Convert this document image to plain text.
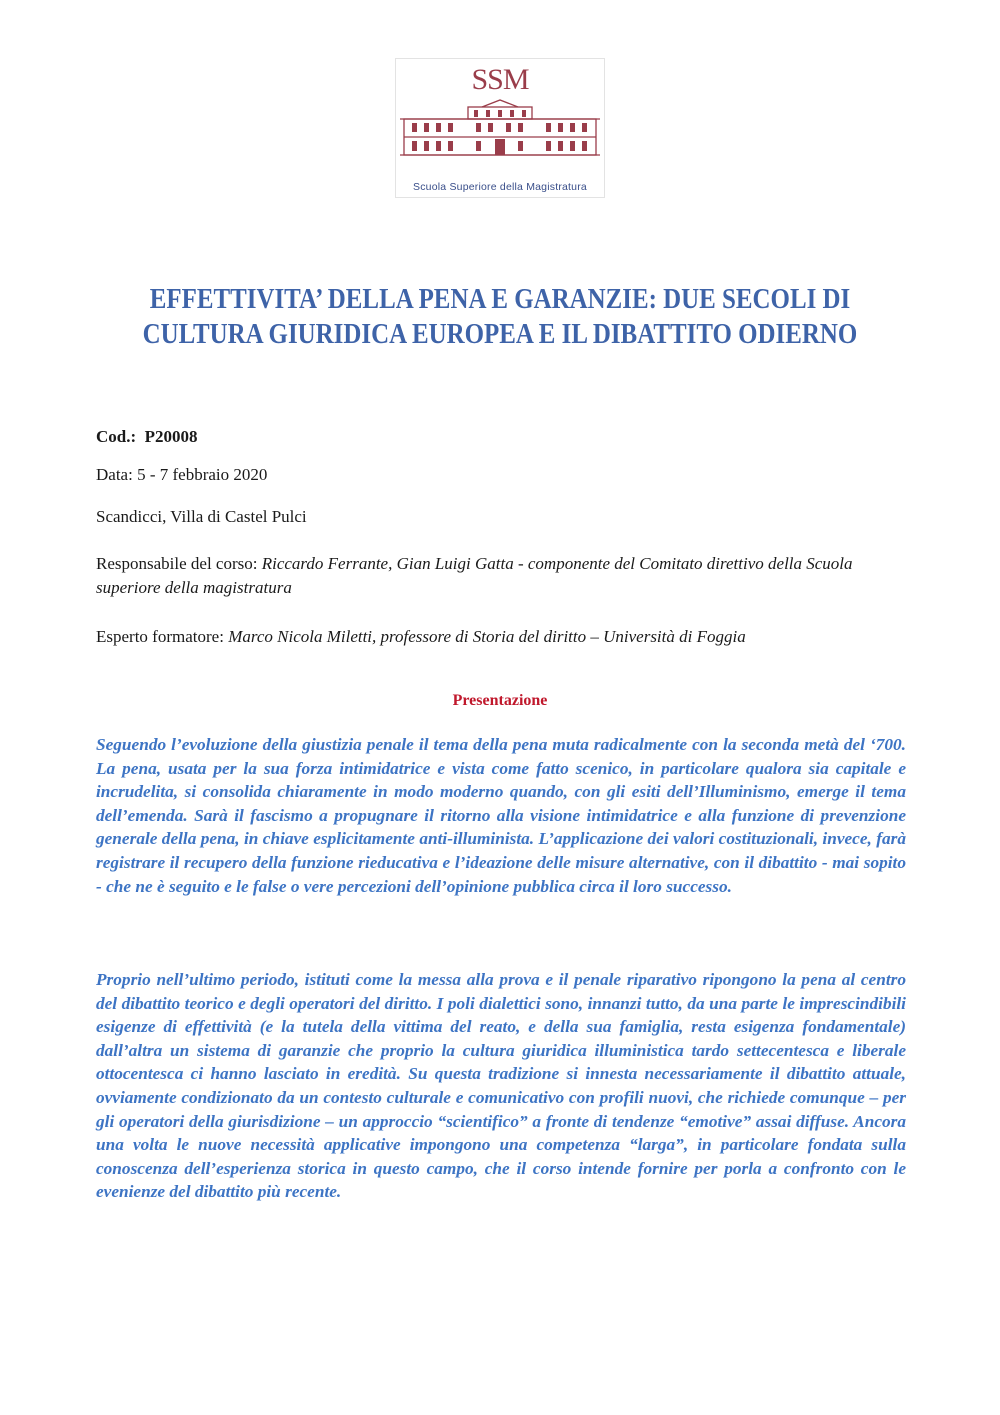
SSM
Scuola Superiore della Magistratura
EFFETTIVITA’ DELLA PENA E GARANZIE: DUE SECOLI DI CULTURA GIURIDICA EUROPEA E IL DIBATTITO ODIERNO
Cod.: P20008
Data: 5 - 7 febbraio 2020
Scandicci, Villa di Castel Pulci
Responsabile del corso: Riccardo Ferrante, Gian Luigi Gatta - componente del Comitato direttivo della Scuola superiore della magistratura
Esperto formatore: Marco Nicola Miletti, professore di Storia del diritto – Università di Foggia
Presentazione

Seguendo l’evoluzione della giustizia penale il tema della pena muta radicalmente con la seconda metà del ‘700. La pena, usata per la sua forza intimidatrice e vista come fatto scenico, in particolare qualora sia capitale e incrudelita, si consolida chiaramente in modo moderno quando, con gli esiti dell’Illuminismo, emerge il tema dell’emenda. Sarà il fascismo a propugnare il ritorno alla visione intimidatrice e alla funzione di prevenzione generale della pena, in chiave esplicitamente anti-illuminista. L’applicazione dei valori costituzionali, invece, farà registrare il recupero della funzione rieducativa e l’ideazione delle misure alternative, con il dibattito - mai sopito - che ne è seguito e le false o vere percezioni dell’opinione pubblica circa il loro successo.

Proprio nell’ultimo periodo, istituti come la messa alla prova e il penale riparativo ripongono la pena al centro del dibattito teorico e degli operatori del diritto. I poli dialettici sono, innanzi tutto, da una parte le imprescindibili esigenze di effettività (e la tutela della vittima del reato, e della sua famiglia, resta esigenza fondamentale) dall’altra un sistema di garanzie che proprio la cultura giuridica illuministica tardo settecentesca e liberale ottocentesca ci hanno lasciato in eredità. Su questa tradizione si innesta necessariamente il dibattito attuale, ovviamente condizionato da un contesto culturale e comunicativo con profili nuovi, che richiede comunque – per gli operatori della giurisdizione – un approccio “scientifico” a fronte di tendenze “emotive” assai diffuse. Ancora una volta le nuove necessità applicative impongono una competenza “larga”, in particolare fondata sulla conoscenza dell’esperienza storica in questo campo, che il corso intende fornire per porla a confronto con le evenienze del dibattito più recente.
